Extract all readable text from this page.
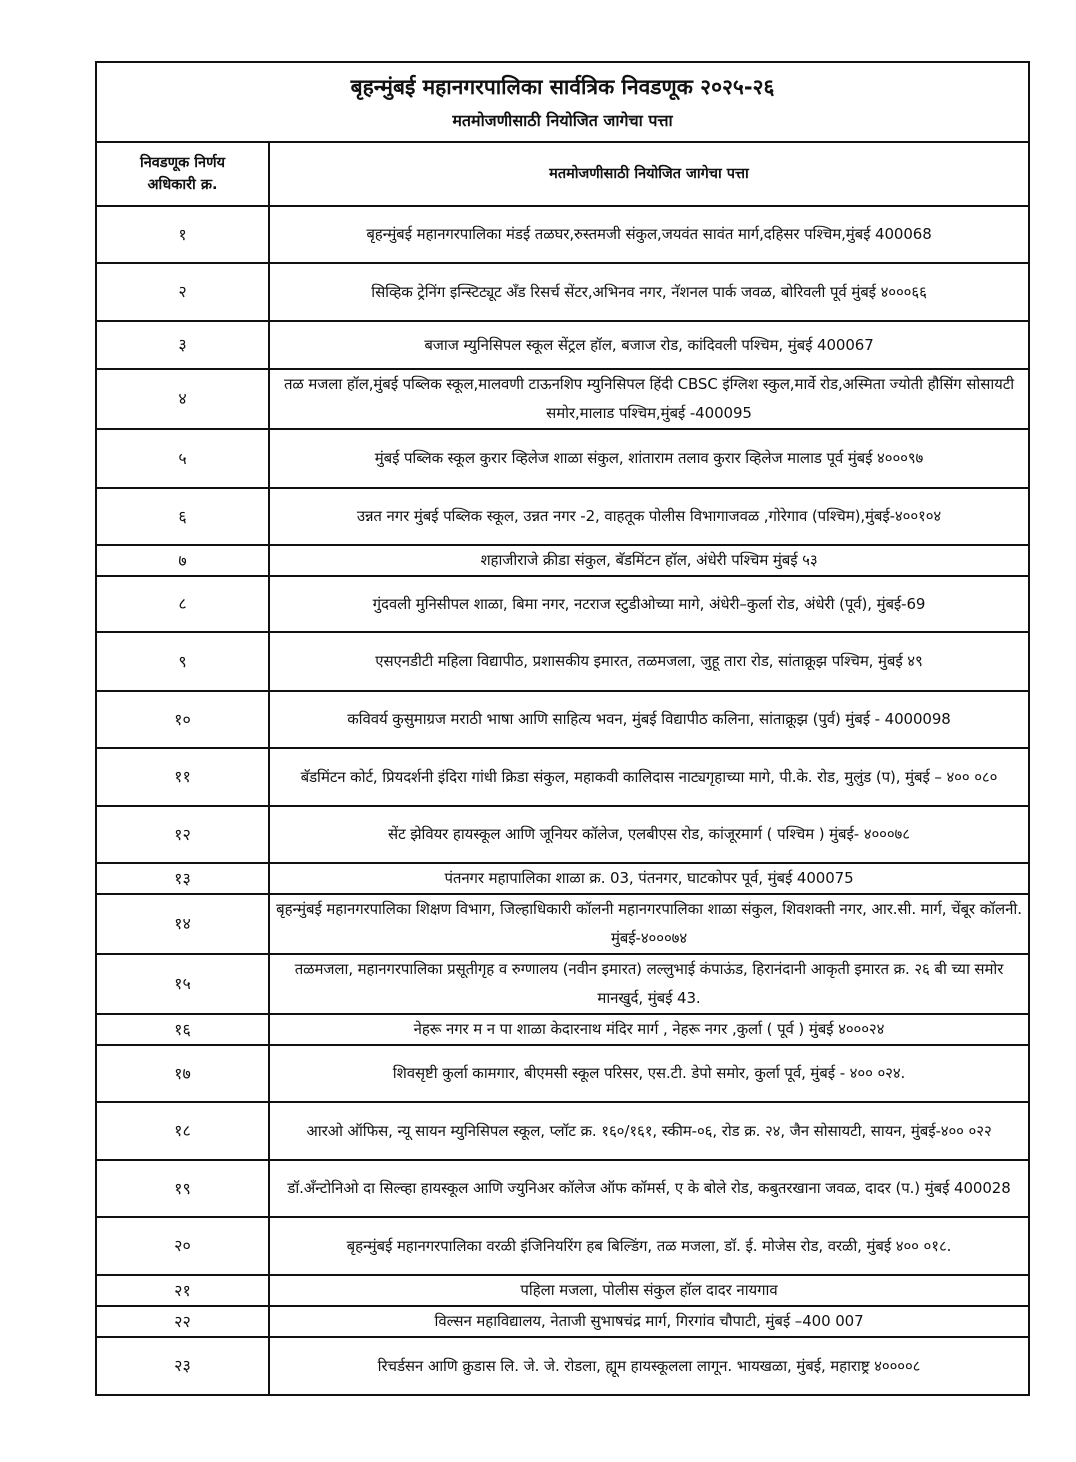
बृहन्मुंबई महानगरपालिका सार्वत्रिक निवडणूक २०२५-२६
मतमोजणीसाठी नियोजित जागेचा पत्ता	

निवडणूक निर्णय
अधिकारी क्र.	मतमोजणीसाठी नियोजित जागेचा पत्ता
१	बृहन्मुंबई महानगरपालिका मंडई तळघर,रुस्तमजी संकुल,जयवंत सावंत मार्ग,दहिसर पश्चिम,मुंबई 400068
२	सिव्हिक ट्रेनिंग इन्स्टिट्यूट अँड रिसर्च सेंटर,अभिनव नगर, नॅशनल पार्क जवळ, बोरिवली पूर्व मुंबई ४०००६६
३	बजाज म्युनिसिपल स्कूल सेंट्रल हॉल, बजाज रोड, कांदिवली पश्चिम, मुंबई 400067
४	तळ मजला हॉल,मुंबई पब्लिक स्कूल,मालवणी टाऊनशिप म्युनिसिपल हिंदी CBSC इंग्लिश स्कुल,मार्वे रोड,अस्मिता ज्योती हौसिंग सोसायटी समोर,मालाड पश्चिम,मुंबई -400095
५	मुंबई पब्लिक स्कूल कुरार व्हिलेज शाळा संकुल, शांताराम तलाव कुरार व्हिलेज मालाड पूर्व मुंबई ४०००९७
६	उन्नत नगर मुंबई पब्लिक स्कूल, उन्नत नगर -2, वाहतूक पोलीस विभागाजवळ ,गोरेगाव (पश्चिम),मुंबई-४००१०४
७	शहाजीराजे क्रीडा संकुल, बॅडमिंटन हॉल, अंधेरी पश्चिम मुंबई ५३
८	गुंदवली मुनिसीपल शाळा, बिमा नगर, नटराज स्टुडीओच्या मागे, अंधेरी–कुर्ला रोड, अंधेरी (पूर्व), मुंबई-69
९	एसएनडीटी महिला विद्यापीठ, प्रशासकीय इमारत, तळमजला, जुहू तारा रोड, सांताक्रूझ पश्चिम, मुंबई ४९
१०	कविवर्य कुसुमाग्रज मराठी भाषा आणि साहित्य भवन, मुंबई विद्यापीठ कलिना, सांताक्रूझ (पुर्व) मुंबई - 4000098
११	बॅडमिंटन कोर्ट, प्रियदर्शनी इंदिरा गांधी क्रिडा संकुल, महाकवी कालिदास नाट्यगृहाच्या मागे, पी.के. रोड, मुलुंड (प), मुंबई – ४०० ०८०
१२	सेंट झेवियर हायस्कूल आणि जूनियर कॉलेज, एलबीएस रोड, कांजूरमार्ग ( पश्चिम ) मुंबई- ४०००७८
१३	पंतनगर महापालिका शाळा क्र. 03, पंतनगर, घाटकोपर पूर्व, मुंबई 400075
१४	बृहन्मुंबई महानगरपालिका शिक्षण विभाग, जिल्हाधिकारी कॉलनी महानगरपालिका शाळा संकुल, शिवशक्ती नगर, आर.सी. मार्ग, चेंबूर कॉलनी. मुंबई-४०००७४
१५	तळमजला, महानगरपालिका प्रसूतीगृह व रुग्णालय (नवीन इमारत) लल्लुभाई कंपाऊंड, हिरानंदानी आकृती इमारत क्र. २६ बी च्या समोर मानखुर्द, मुंबई 43.
१६	नेहरू नगर म न पा शाळा केदारनाथ मंदिर मार्ग , नेहरू नगर ,कुर्ला ( पूर्व ) मुंबई ४०००२४
१७	शिवसृष्टी कुर्ला कामगार, बीएमसी स्कूल परिसर, एस.टी. डेपो समोर, कुर्ला पूर्व, मुंबई - ४०० ०२४.
१८	आरओ ऑफिस, न्यू सायन म्युनिसिपल स्कूल, प्लॉट क्र. १६०/१६१, स्कीम-०६, रोड क्र. २४, जैन सोसायटी, सायन, मुंबई-४०० ०२२
१९	डॉ.अँन्टोनिओ दा सिल्व्हा हायस्कूल आणि ज्युनिअर कॉलेज ऑफ कॉमर्स, ए के बोले रोड, कबुतरखाना जवळ, दादर (प.) मुंबई 400028
२०	बृहन्मुंबई महानगरपालिका वरळी इंजिनियरिंग हब बिल्डिंग, तळ मजला, डॉ. ई. मोजेस रोड, वरळी, मुंबई ४०० ०१८.
२१	पहिला मजला, पोलीस संकुल हॉल दादर नायगाव
२२	विल्सन महाविद्यालय, नेताजी सुभाषचंद्र मार्ग, गिरगांव चौपाटी, मुंबई –400 007
२३	रिचर्डसन आणि क्रुडास लि. जे. जे. रोडला, ह्यूम हायस्कूलला लागून. भायखळा, मुंबई, महाराष्ट्र ४००००८
